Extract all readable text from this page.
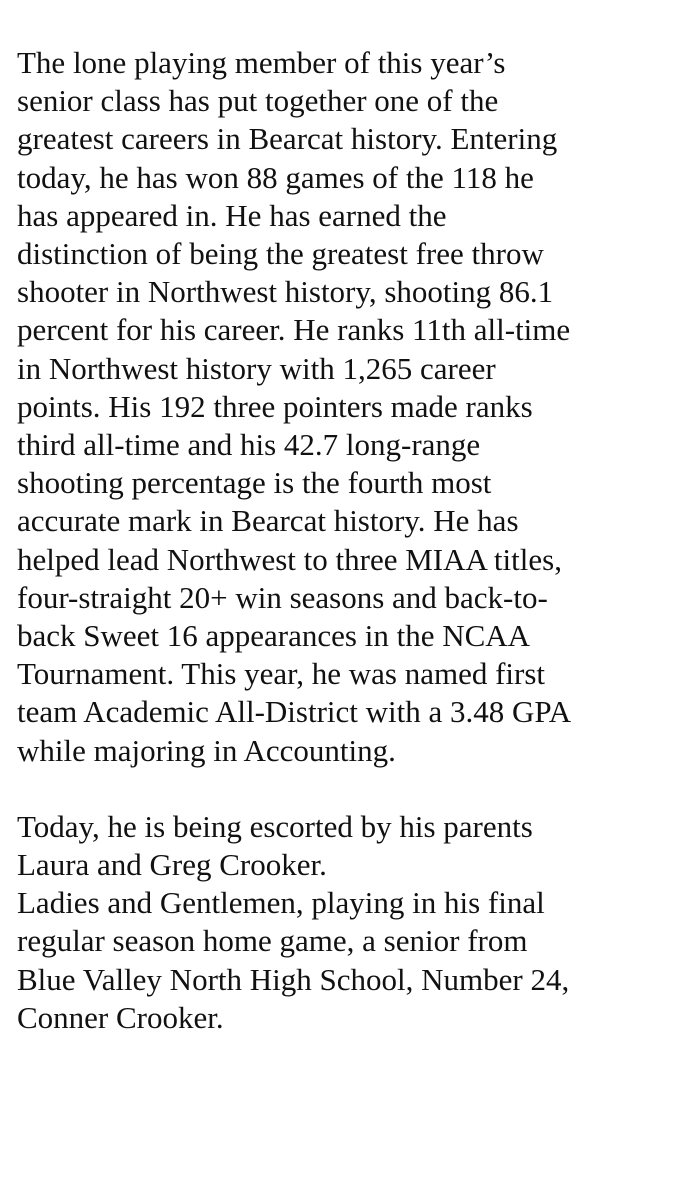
The lone playing member of this year’s
senior class has put together one of the
greatest careers in Bearcat history. Entering
today, he has won 88 games of the 118 he
has appeared in. He has earned the
distinction of being the greatest free throw
shooter in Northwest history, shooting 86.1
percent for his career. He ranks 11th all-time
in Northwest history with 1,265 career
points. His 192 three pointers made ranks
third all-time and his 42.7 long-range
shooting percentage is the fourth most
accurate mark in Bearcat history. He has
helped lead Northwest to three MIAA titles,
four-straight 20+ win seasons and back-to-
back Sweet 16 appearances in the NCAA
Tournament. This year, he was named first
team Academic All-District with a 3.48 GPA
while majoring in Accounting.

Today, he is being escorted by his parents
Laura and Greg Crooker.
Ladies and Gentlemen, playing in his final
regular season home game, a senior from
Blue Valley North High School, Number 24,
Conner Crooker.
